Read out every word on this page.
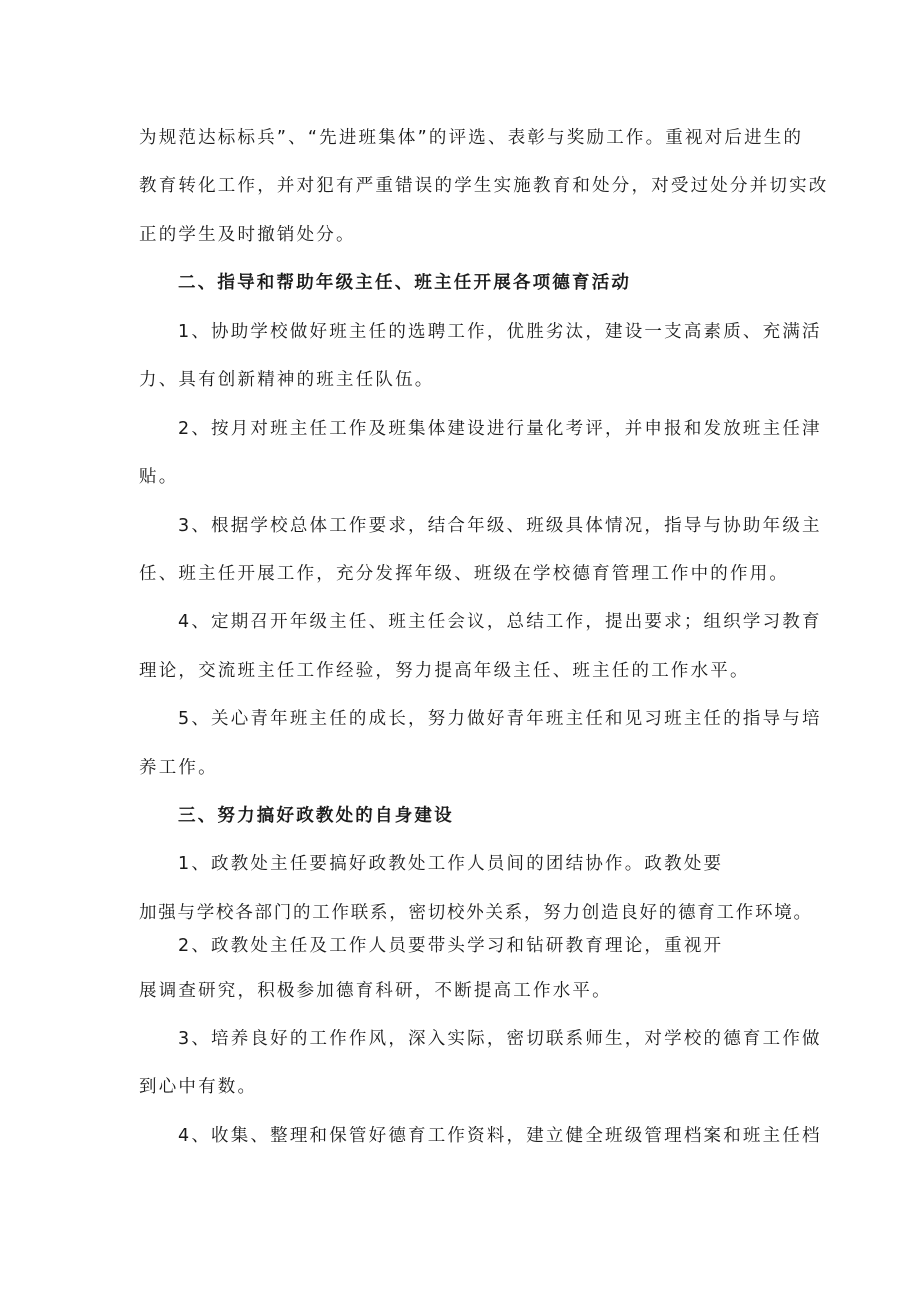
为规范达标标兵”、“先进班集体”的评选、表彰与奖励工作。重视对后进生的
教育转化工作，并对犯有严重错误的学生实施教育和处分，对受过处分并切实改
正的学生及时撤销处分。
二、指导和帮助年级主任、班主任开展各项德育活动
1、协助学校做好班主任的选聘工作，优胜劣汰，建设一支高素质、充满活
力、具有创新精神的班主任队伍。
2、按月对班主任工作及班集体建设进行量化考评，并申报和发放班主任津
贴。
3、根据学校总体工作要求，结合年级、班级具体情况，指导与协助年级主
任、班主任开展工作，充分发挥年级、班级在学校德育管理工作中的作用。
4、定期召开年级主任、班主任会议，总结工作，提出要求；组织学习教育
理论，交流班主任工作经验，努力提高年级主任、班主任的工作水平。
5、关心青年班主任的成长，努力做好青年班主任和见习班主任的指导与培
养工作。
三、努力搞好政教处的自身建设
1、政教处主任要搞好政教处工作人员间的团结协作。政教处要
加强与学校各部门的工作联系，密切校外关系，努力创造良好的德育工作环境。
2、政教处主任及工作人员要带头学习和钻研教育理论，重视开
展调查研究，积极参加德育科研，不断提高工作水平。
3、培养良好的工作作风，深入实际，密切联系师生，对学校的德育工作做
到心中有数。
4、收集、整理和保管好德育工作资料，建立健全班级管理档案和班主任档
